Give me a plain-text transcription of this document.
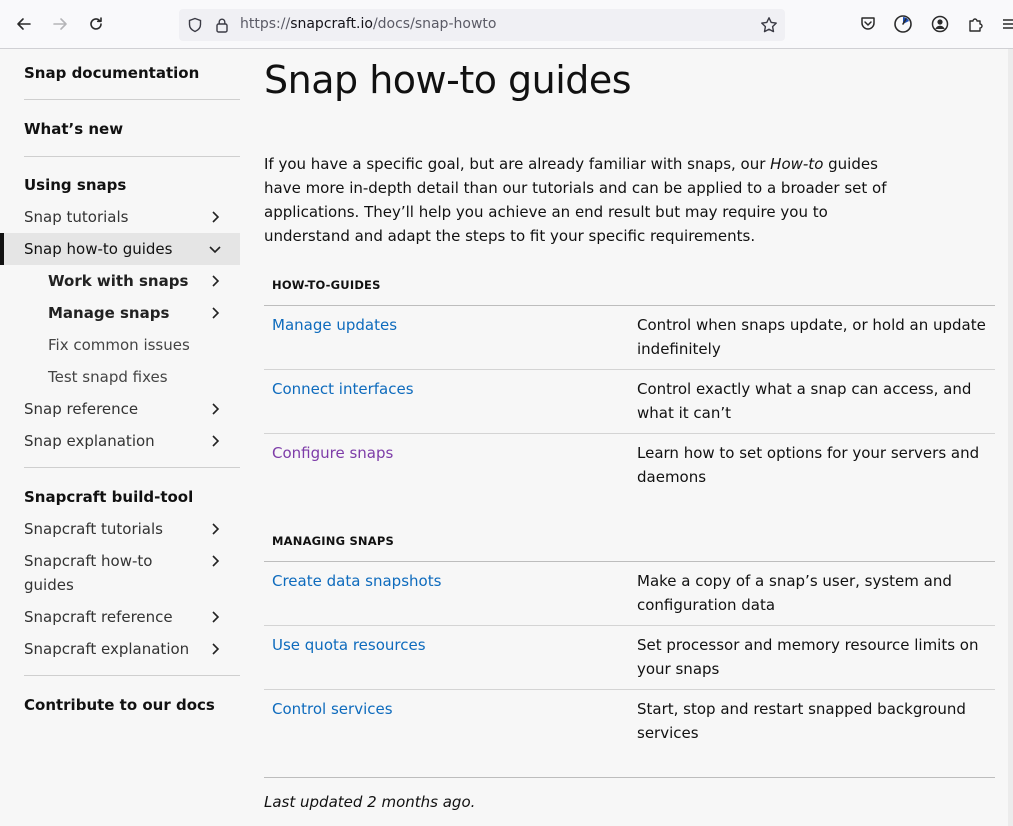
https://snapcraft.io/docs/snap-howto
Snap documentation
What’s new
Using snaps
Snap tutorials
Snap how-to guides
Work with snaps
Manage snaps
Fix common issues
Test snapd fixes
Snap reference
Snap explanation
Snapcraft build-tool
Snapcraft tutorials
Snapcraft how-to
guides
Snapcraft reference
Snapcraft explanation
Contribute to our docs
Snap how-to guides
If you have a specific goal, but are already familiar with snaps, our How-to guides have more in-depth detail than our tutorials and can be applied to a broader set of applications. They’ll help you achieve an end result but may require you to understand and adapt the steps to fit your specific requirements.
HOW-TO-GUIDES
Manage updates	Control when snaps update, or hold an update indefinitely
Connect interfaces	Control exactly what a snap can access, and what it can’t
Configure snaps	Learn how to set options for your servers and daemons
MANAGING SNAPS
Create data snapshots	Make a copy of a snap’s user, system and configuration data
Use quota resources	Set processor and memory resource limits on your snaps
Control services	Start, stop and restart snapped background services
Last updated 2 months ago.
